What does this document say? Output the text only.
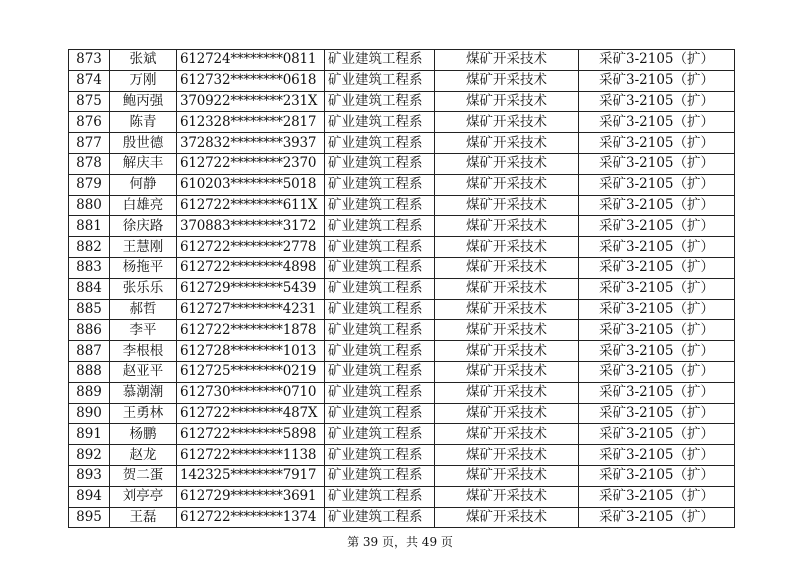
873	张斌	612724********0811	矿业建筑工程系	煤矿开采技术	采矿3-2105（扩）
874	万刚	612732********0618	矿业建筑工程系	煤矿开采技术	采矿3-2105（扩）
875	鲍丙强	370922********231X	矿业建筑工程系	煤矿开采技术	采矿3-2105（扩）
876	陈青	612328********2817	矿业建筑工程系	煤矿开采技术	采矿3-2105（扩）
877	殷世德	372832********3937	矿业建筑工程系	煤矿开采技术	采矿3-2105（扩）
878	解庆丰	612722********2370	矿业建筑工程系	煤矿开采技术	采矿3-2105（扩）
879	何静	610203********5018	矿业建筑工程系	煤矿开采技术	采矿3-2105（扩）
880	白雄亮	612722********611X	矿业建筑工程系	煤矿开采技术	采矿3-2105（扩）
881	徐庆路	370883********3172	矿业建筑工程系	煤矿开采技术	采矿3-2105（扩）
882	王慧刚	612722********2778	矿业建筑工程系	煤矿开采技术	采矿3-2105（扩）
883	杨拖平	612722********4898	矿业建筑工程系	煤矿开采技术	采矿3-2105（扩）
884	张乐乐	612729********5439	矿业建筑工程系	煤矿开采技术	采矿3-2105（扩）
885	郝哲	612727********4231	矿业建筑工程系	煤矿开采技术	采矿3-2105（扩）
886	李平	612722********1878	矿业建筑工程系	煤矿开采技术	采矿3-2105（扩）
887	李根根	612728********1013	矿业建筑工程系	煤矿开采技术	采矿3-2105（扩）
888	赵亚平	612725********0219	矿业建筑工程系	煤矿开采技术	采矿3-2105（扩）
889	慕潮潮	612730********0710	矿业建筑工程系	煤矿开采技术	采矿3-2105（扩）
890	王勇林	612722********487X	矿业建筑工程系	煤矿开采技术	采矿3-2105（扩）
891	杨鹏	612722********5898	矿业建筑工程系	煤矿开采技术	采矿3-2105（扩）
892	赵龙	612722********1138	矿业建筑工程系	煤矿开采技术	采矿3-2105（扩）
893	贺二蛋	142325********7917	矿业建筑工程系	煤矿开采技术	采矿3-2105（扩）
894	刘亭亭	612729********3691	矿业建筑工程系	煤矿开采技术	采矿3-2105（扩）
895	王磊	612722********1374	矿业建筑工程系	煤矿开采技术	采矿3-2105（扩）
第 39 页，共 49 页
